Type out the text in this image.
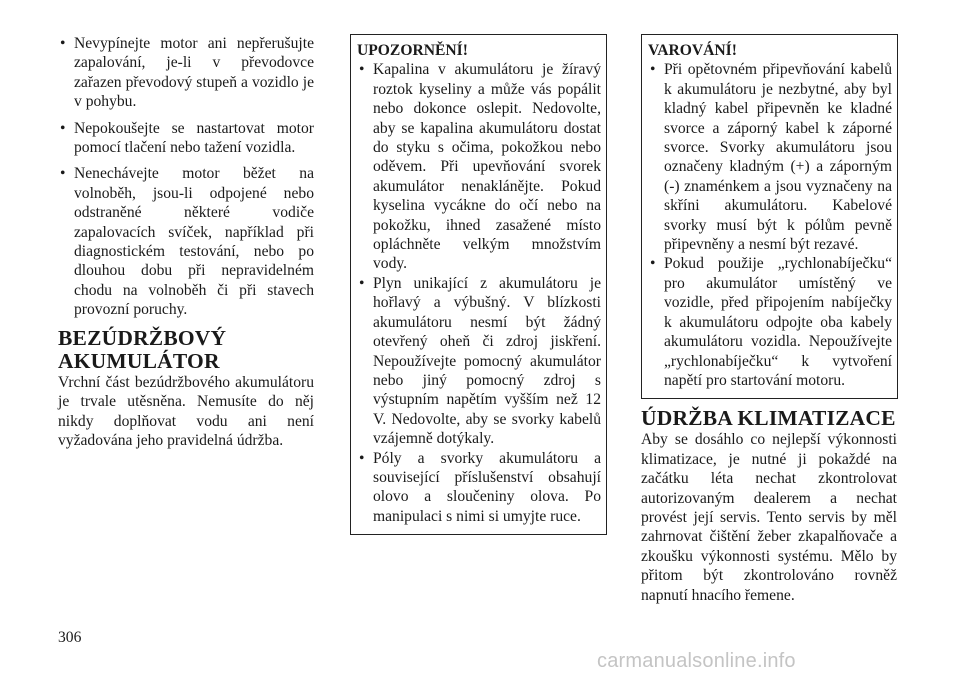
• Nevypínejte motor ani nepřerušujte zapalování, je-li v převodovce zařazen převodový stupeň a vozidlo je v pohybu.
• Nepokoušejte se nastartovat motor pomocí tlačení nebo tažení vozidla.
• Nenechávejte motor běžet na volnoběh, jsou-li odpojené nebo odstraněné některé vodiče zapalovacích svíček, například při diagnostickém testování, nebo po dlouhou dobu při nepravidelném chodu na volnoběh či při stavech provozní poruchy.
BEZÚDRŽBOVÝ AKUMULÁTOR

Vrchní část bezúdržbového akumulátoru je trvale utěsněna. Nemusíte do něj nikdy doplňovat vodu ani není vyžadována jeho pravidelná údržba.

UPOZORNĚNÍ!

• Kapalina v akumulátoru je žíravý roztok kyseliny a může vás popálit nebo dokonce oslepit. Nedovolte, aby se kapalina akumulátoru dostat do styku s očima, pokožkou nebo oděvem. Při upevňování svorek akumulátor nenaklánějte. Pokud kyselina vycákne do očí nebo na pokožku, ihned zasažené místo opláchněte velkým množstvím vody.
• Plyn unikající z akumulátoru je hořlavý a výbušný. V blízkosti akumulátoru nesmí být žádný otevřený oheň či zdroj jiskření. Nepoužívejte pomocný akumulátor nebo jiný pomocný zdroj s výstupním napětím vyšším než 12 V. Nedovolte, aby se svorky kabelů vzájemně dotýkaly.
• Póly a svorky akumulátoru a související příslušenství obsahují olovo a sloučeniny olova. Po manipulaci s nimi si umyjte ruce.

VAROVÁNÍ!

• Při opětovném připevňování kabelů k akumulátoru je nezbytné, aby byl kladný kabel připevněn ke kladné svorce a záporný kabel k záporné svorce. Svorky akumulátoru jsou označeny kladným (+) a záporným (-) znaménkem a jsou vyznačeny na skříni akumulátoru. Kabelové svorky musí být k pólům pevně připevněny a nesmí být rezavé.
• Pokud použije „rychlonabíječku“ pro akumulátor umístěný ve vozidle, před připojením nabíječky k akumulátoru odpojte oba kabely akumulátoru vozidla. Nepoužívejte „rychlonabíječku“ k vytvoření napětí pro startování motoru.
ÚDRŽBA KLIMATIZACE

Aby se dosáhlo co nejlepší výkonnosti klimatizace, je nutné ji pokaždé na začátku léta nechat zkontrolovat autorizovaným dealerem a nechat provést její servis. Tento servis by měl zahrnovat čištění žeber zkapalňovače a zkoušku výkonnosti systému. Mělo by přitom být zkontrolováno rovněž napnutí hnacího řemene.

306
carmanualsonline.info
